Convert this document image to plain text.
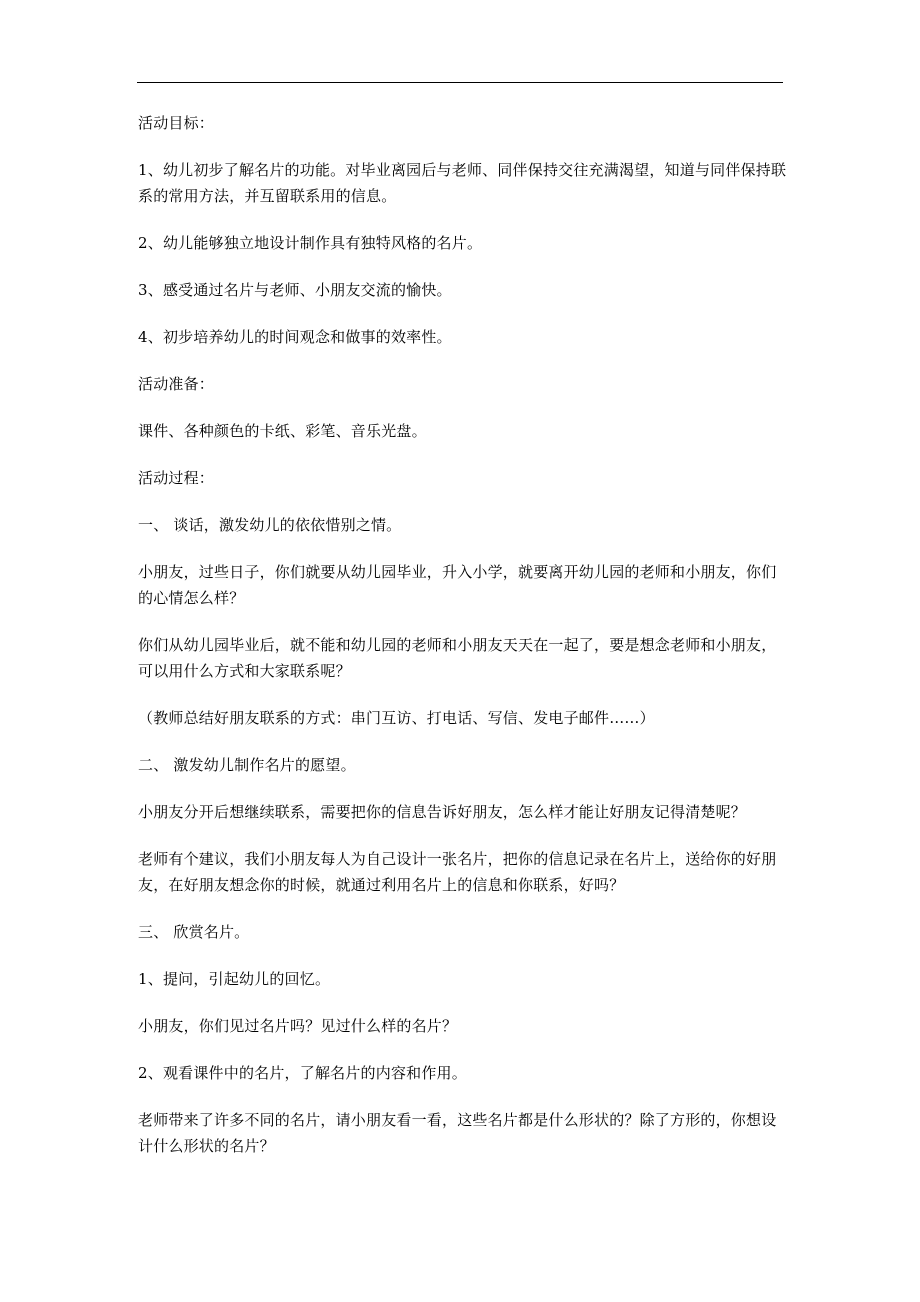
活动目标：

1、幼儿初步了解名片的功能。对毕业离园后与老师、同伴保持交往充满渴望，知道与同伴保持联系的常用方法，并互留联系用的信息。

2、幼儿能够独立地设计制作具有独特风格的名片。

3、感受通过名片与老师、小朋友交流的愉快。

4、初步培养幼儿的时间观念和做事的效率性。

活动准备：

课件、各种颜色的卡纸、彩笔、音乐光盘。

活动过程：

一、 谈话，激发幼儿的依依惜别之情。

小朋友，过些日子，你们就要从幼儿园毕业，升入小学，就要离开幼儿园的老师和小朋友，你们的心情怎么样？

你们从幼儿园毕业后，就不能和幼儿园的老师和小朋友天天在一起了，要是想念老师和小朋友，可以用什么方式和大家联系呢？

（教师总结好朋友联系的方式：串门互访、打电话、写信、发电子邮件……）

二、 激发幼儿制作名片的愿望。

小朋友分开后想继续联系，需要把你的信息告诉好朋友，怎么样才能让好朋友记得清楚呢？

老师有个建议，我们小朋友每人为自己设计一张名片，把你的信息记录在名片上，送给你的好朋友，在好朋友想念你的时候，就通过利用名片上的信息和你联系，好吗？

三、 欣赏名片。

1、提问，引起幼儿的回忆。

小朋友，你们见过名片吗？见过什么样的名片？

2、观看课件中的名片，了解名片的内容和作用。

老师带来了许多不同的名片，请小朋友看一看，这些名片都是什么形状的？除了方形的，你想设计什么形状的名片？
